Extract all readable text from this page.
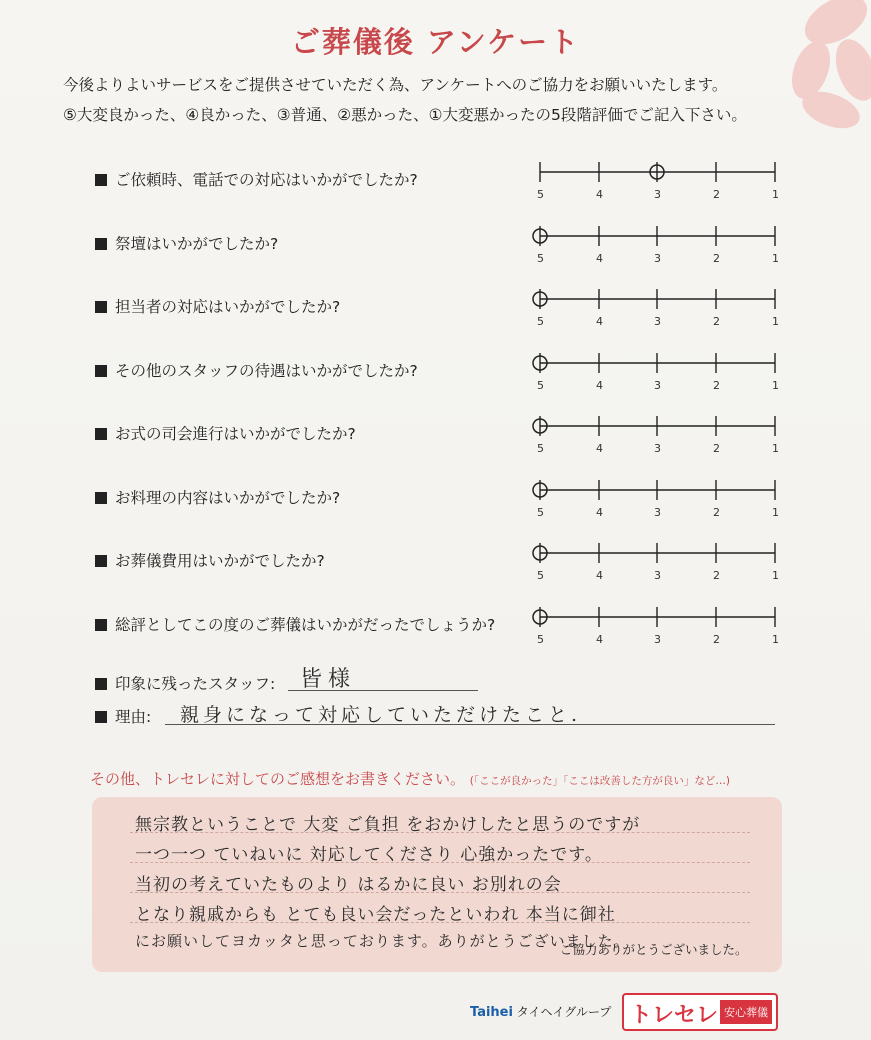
ご葬儀後 アンケート
今後よりよいサービスをご提供させていただく為、アンケートへのご協力をお願いいたします。
⑤大変良かった、④良かった、③普通、②悪かった、①大変悪かったの5段階評価でご記入下さい。
ご依頼時、電話での対応はいかがでしたか?
5	4	3	2	1
祭壇はいかがでしたか?
5	4	3	2	1
担当者の対応はいかがでしたか?
5	4	3	2	1
その他のスタッフの待遇はいかがでしたか?
5	4	3	2	1
お式の司会進行はいかがでしたか?
5	4	3	2	1
お料理の内容はいかがでしたか?
5	4	3	2	1
お葬儀費用はいかがでしたか?
5	4	3	2	1
総評としてこの度のご葬儀はいかがだったでしょうか?
5	4	3	2	1
印象に残ったスタッフ: 皆様
理由: 親身になって対応していただけたこと.
その他、トレセレに対してのご感想をお書きください。 (「ここが良かった」「ここは改善した方が良い」など…)
無宗教ということで 大変 ご負担 をおかけしたと思うのですが
一つ一つ ていねいに 対応してくださり 心強かったです。
当初の考えていたものより はるかに良い お別れの会
となり親戚からも とても良い会だったといわれ 本当に御社
にお願いしてヨカッタと思っております。ありがとうございました。
ご協力ありがとうございました。
Taihei タイヘイグループ トレセレ 安心葬儀
